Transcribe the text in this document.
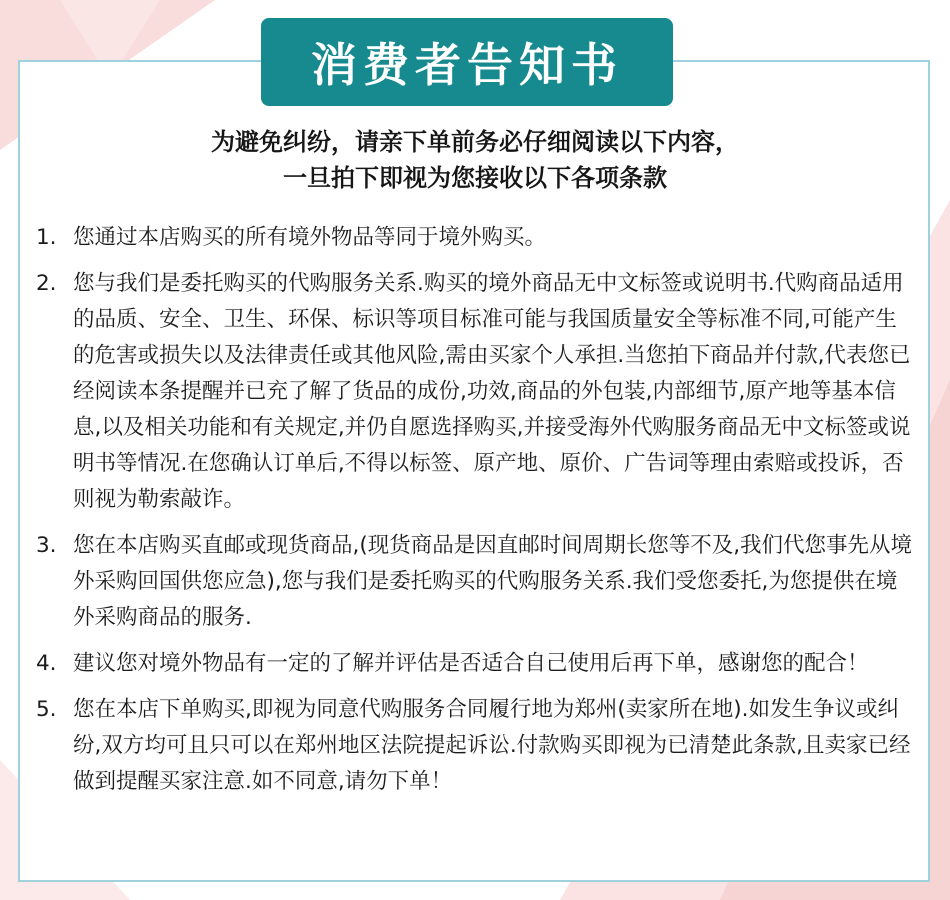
消费者告知书
为避免纠纷，请亲下单前务必仔细阅读以下内容，
一旦拍下即视为您接收以下各项条款
1. 您通过本店购买的所有境外物品等同于境外购买。
2. 您与我们是委托购买的代购服务关系.购买的境外商品无中文标签或说明书.代购商品适用的品质、安全、卫生、环保、标识等项目标准可能与我国质量安全等标准不同,可能产生的危害或损失以及法律责任或其他风险,需由买家个人承担.当您拍下商品并付款,代表您已经阅读本条提醒并已充了解了货品的成份,功效,商品的外包装,内部细节,原产地等基本信息,以及相关功能和有关规定,并仍自愿选择购买,并接受海外代购服务商品无中文标签或说明书等情况.在您确认订单后,不得以标签、原产地、原价、广告词等理由索赔或投诉，否则视为勒索敲诈。
3. 您在本店购买直邮或现货商品,(现货商品是因直邮时间周期长您等不及,我们代您事先从境外采购回国供您应急),您与我们是委托购买的代购服务关系.我们受您委托,为您提供在境外采购商品的服务.
4. 建议您对境外物品有一定的了解并评估是否适合自己使用后再下单，感谢您的配合！
5. 您在本店下单购买,即视为同意代购服务合同履行地为郑州(卖家所在地).如发生争议或纠纷,双方均可且只可以在郑州地区法院提起诉讼.付款购买即视为已清楚此条款,且卖家已经做到提醒买家注意.如不同意,请勿下单！
